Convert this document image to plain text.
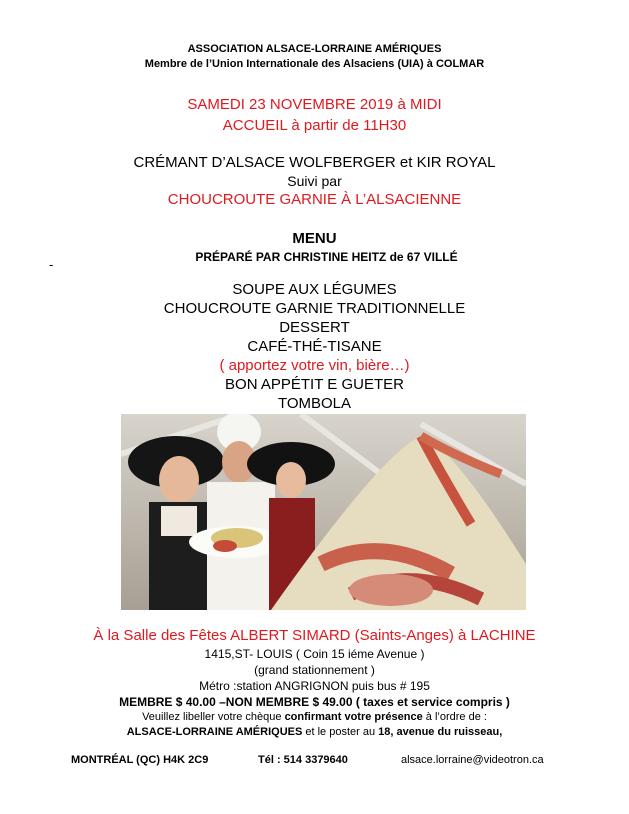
ASSOCIATION ALSACE-LORRAINE AMÉRIQUES
Membre de l’Union Internationale des Alsaciens (UIA) à COLMAR
SAMEDI 23 NOVEMBRE 2019 à MIDI
ACCUEIL à partir de 11H30
CRÉMANT D’ALSACE WOLFBERGER et KIR ROYAL
Suivi par
CHOUCROUTE GARNIE À L’ALSACIENNE
MENU
-	PRÉPARÉ PAR CHRISTINE HEITZ de 67 VILLÉ
SOUPE AUX LÉGUMES
CHOUCROUTE GARNIE TRADITIONNELLE
DESSERT
CAFÉ-THÉ-TISANE
( apportez votre vin, bière…)
BON APPÉTIT E GUETER
TOMBOLA
À la Salle des Fêtes ALBERT SIMARD (Saints-Anges) à LACHINE
1415,ST- LOUIS ( Coin 15 iéme Avenue )
(grand stationnement )
Métro :station ANGRIGNON puis bus # 195
MEMBRE $ 40.00 –NON MEMBRE $ 49.00 ( taxes et service compris )
Veuillez libeller votre chèque confirmant votre présence à l’ordre de :
ALSACE-LORRAINE AMÉRIQUES et le poster au 18, avenue du ruisseau,
MONTRÉAL (QC) H4K 2C9	Tél : 514 3379640	alsace.lorraine@videotron.ca
